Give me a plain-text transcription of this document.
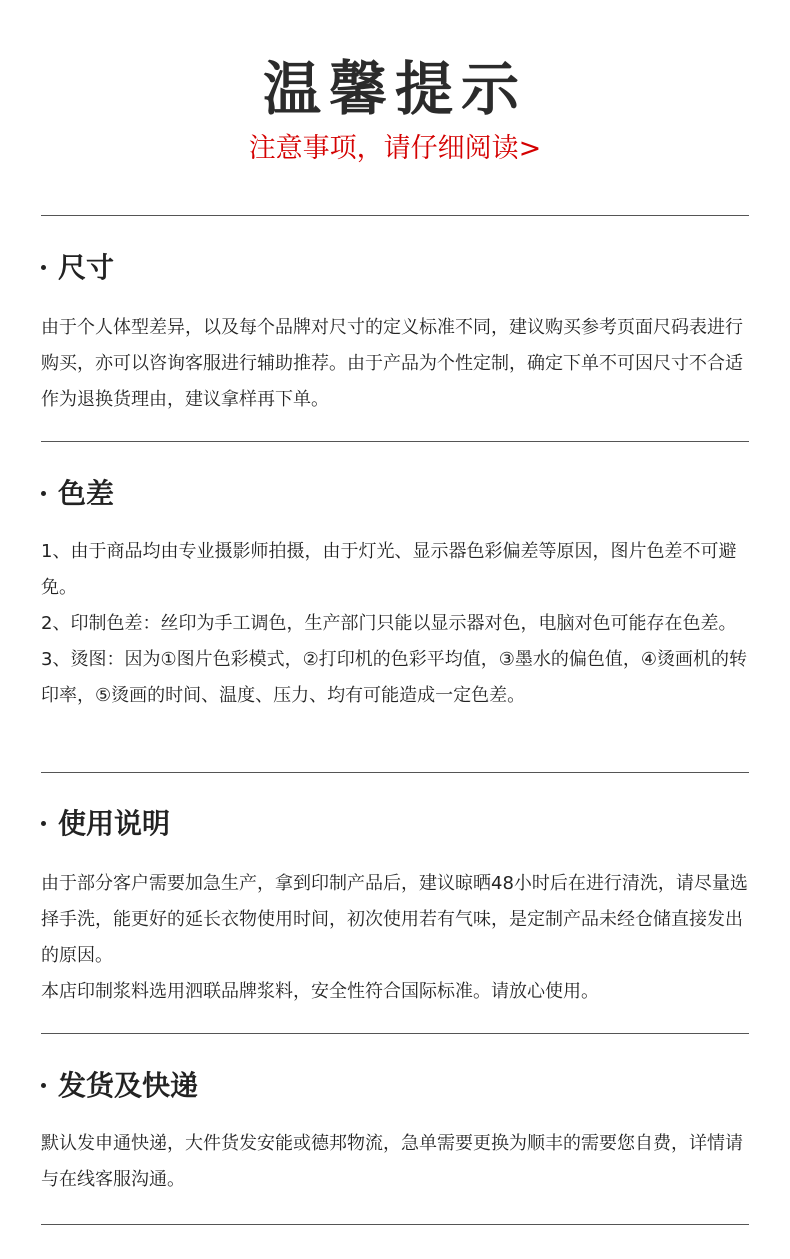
温馨提示
注意事项，请仔细阅读>
尺寸

由于个人体型差异，以及每个品牌对尺寸的定义标准不同，建议购买参考页面尺码表进行购买，亦可以咨询客服进行辅助推荐。由于产品为个性定制，确定下单不可因尺寸不合适作为退换货理由，建议拿样再下单。

色差

1、由于商品均由专业摄影师拍摄，由于灯光、显示器色彩偏差等原因，图片色差不可避免。

2、印制色差：丝印为手工调色，生产部门只能以显示器对色，电脑对色可能存在色差。

3、烫图：因为①图片色彩模式，②打印机的色彩平均值，③墨水的偏色值，④烫画机的转印率，⑤烫画的时间、温度、压力、均有可能造成一定色差。

使用说明

由于部分客户需要加急生产，拿到印制产品后，建议晾晒48小时后在进行清洗，请尽量选择手洗，能更好的延长衣物使用时间，初次使用若有气味，是定制产品未经仓储直接发出的原因。

本店印制浆料选用泗联品牌浆料，安全性符合国际标准。请放心使用。

发货及快递

默认发申通快递，大件货发安能或德邦物流，急单需要更换为顺丰的需要您自费，详情请与在线客服沟通。
